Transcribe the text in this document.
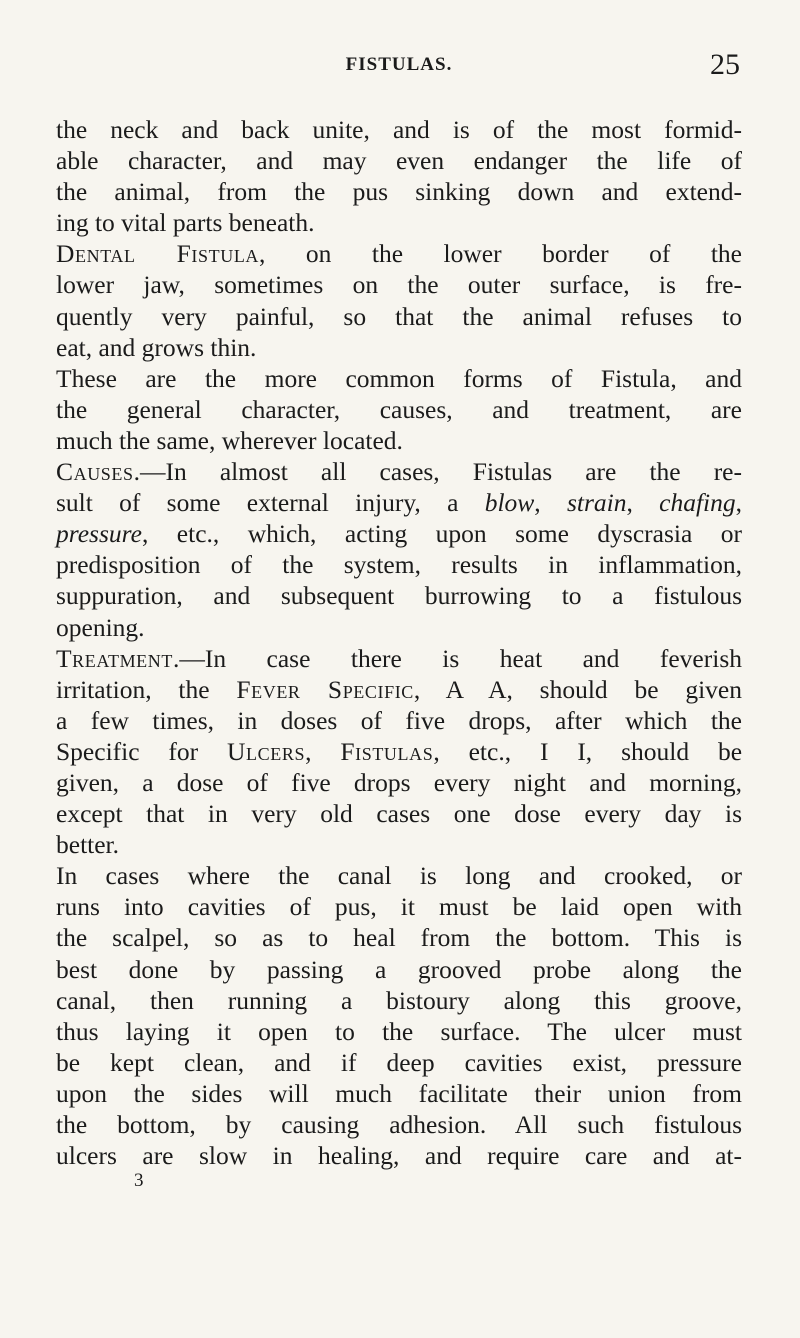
FISTULAS.	25
the neck and back unite, and is of the most formid-
able character, and may even endanger the life of
the animal, from the pus sinking down and extend-
ing to vital parts beneath.
Dental Fistula, on the lower border of the
lower jaw, sometimes on the outer surface, is fre-
quently very painful, so that the animal refuses to
eat, and grows thin.
These are the more common forms of Fistula, and
the general character, causes, and treatment, are
much the same, wherever located.
Causes.—In almost all cases, Fistulas are the re-
sult of some external injury, a blow, strain, chafing,
pressure, etc., which, acting upon some dyscrasia or
predisposition of the system, results in inflammation,
suppuration, and subsequent burrowing to a fistulous
opening.
Treatment.—In case there is heat and feverish
irritation, the Fever Specific, A A, should be given
a few times, in doses of five drops, after which the
Specific for Ulcers, Fistulas, etc., I I, should be
given, a dose of five drops every night and morning,
except that in very old cases one dose every day is
better.
In cases where the canal is long and crooked, or
runs into cavities of pus, it must be laid open with
the scalpel, so as to heal from the bottom. This is
best done by passing a grooved probe along the
canal, then running a bistoury along this groove,
thus laying it open to the surface. The ulcer must
be kept clean, and if deep cavities exist, pressure
upon the sides will much facilitate their union from
the bottom, by causing adhesion. All such fistulous
ulcers are slow in healing, and require care and at-
3
